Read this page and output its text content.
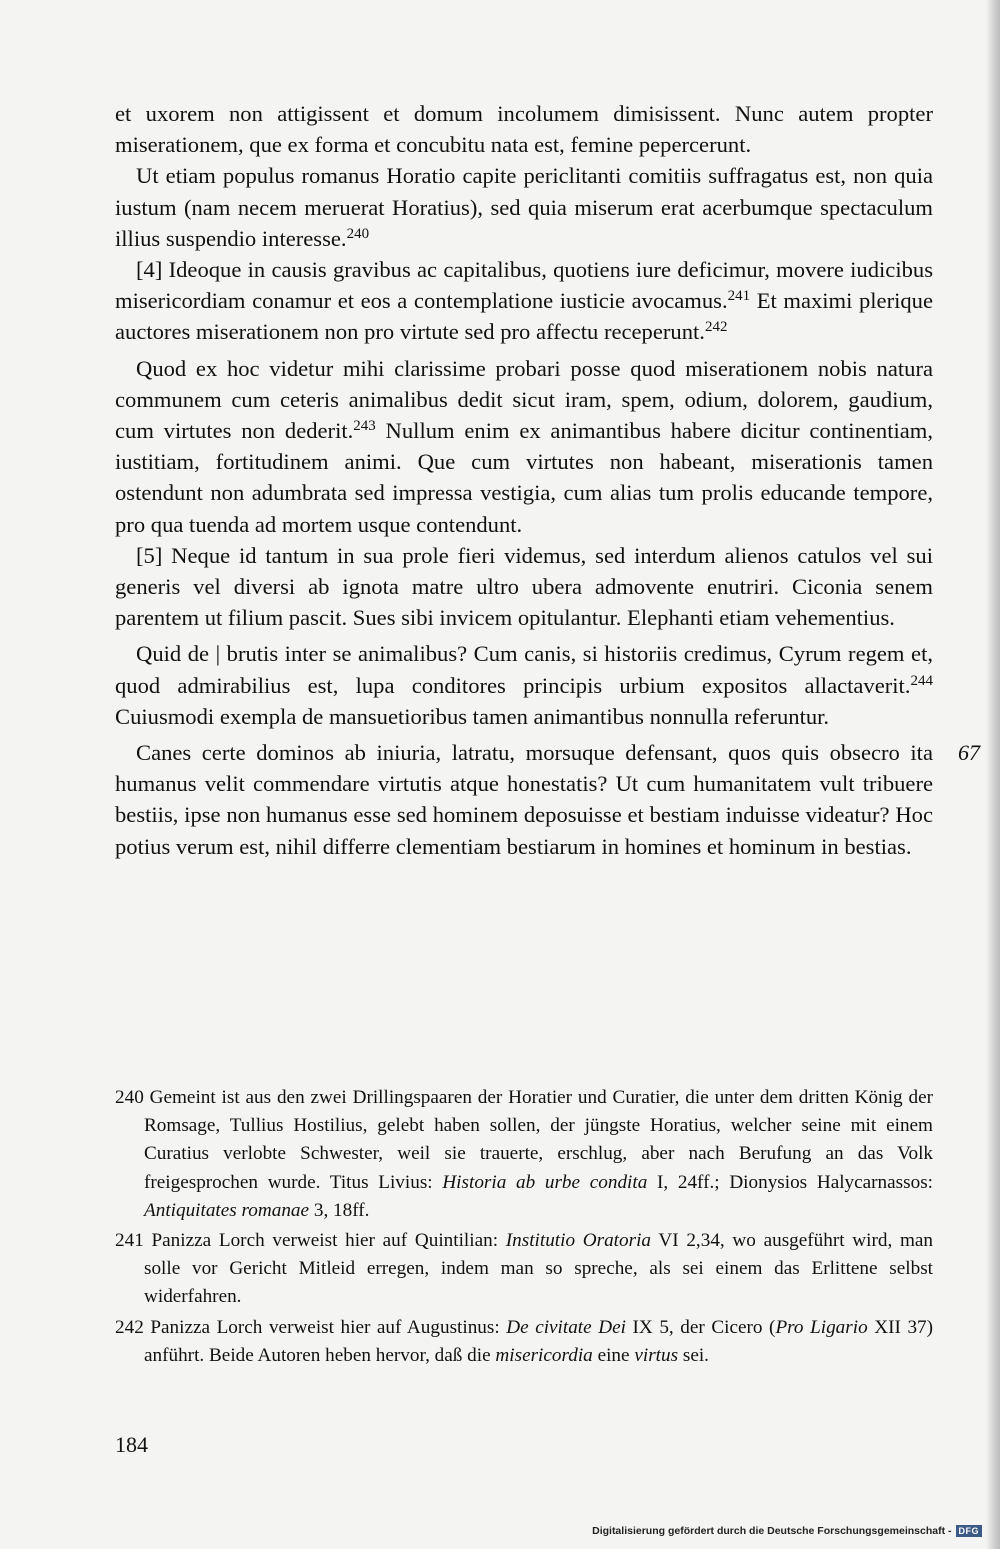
et uxorem non attigissent et domum incolumem dimisissent. Nunc autem propter miserationem, que ex forma et concubitu nata est, femine pepercerunt.

Ut etiam populus romanus Horatio capite periclitanti comitiis suffragatus est, non quia iustum (nam necem meruerat Horatius), sed quia miserum erat acerbumque spectaculum illius suspendio interesse.$^{240}$

[4] Ideoque in causis gravibus ac capitalibus, quotiens iure deficimur, movere iudicibus misericordiam conamur et eos a contemplatione iusticie avocamus.$^{241}$ Et maximi plerique auctores miserationem non pro virtute sed pro affectu receperunt.$^{242}$

Quod ex hoc videtur mihi clarissime probari posse quod miserationem nobis natura communem cum ceteris animalibus dedit sicut iram, spem, odium, dolorem, gaudium, cum virtutes non dederit.$^{243}$ Nullum enim ex animantibus habere dicitur continentiam, iustitiam, fortitudinem animi. Que cum virtutes non habeant, miserationis tamen ostendunt non adumbrata sed impressa vestigia, cum alias tum prolis educande tempore, pro qua tuenda ad mortem usque contendunt.

[5] Neque id tantum in sua prole fieri videmus, sed interdum alienos catulos vel sui generis vel diversi ab ignota matre ultro ubera admovente enutriri. Ciconia senem parentem ut filium pascit. Sues sibi invicem opitulantur. Elephanti etiam vehementius.

Quid de | brutis inter se animalibus? Cum canis, si historiis credimus, Cyrum regem et, quod admirabilius est, lupa conditores principis urbium expositos allactaverit.$^{244}$ Cuiusmodi exempla de mansuetioribus tamen animantibus nonnulla referuntur.

Canes certe dominos ab iniuria, latratu, morsuque defensant, quos quis obsecro ita humanus velit commendare virtutis atque honestatis? Ut cum humanitatem vult tribuere bestiis, ipse non humanus esse sed hominem deposuisse et bestiam induisse videatur? Hoc potius verum est, nihil differre clementiam bestiarum in homines et hominum in bestias.

67

240 Gemeint ist aus den zwei Drillingspaaren der Horatier und Curatier, die unter dem dritten König der Romsage, Tullius Hostilius, gelebt haben sollen, der jüngste Horatius, welcher seine mit einem Curatius verlobte Schwester, weil sie trauerte, erschlug, aber nach Berufung an das Volk freigesprochen wurde. Titus Livius: Historia ab urbe condita I, 24ff.; Dionysios Halycarnassos: Antiquitates romanae 3, 18ff.

241 Panizza Lorch verweist hier auf Quintilian: Institutio Oratoria VI 2,34, wo ausgeführt wird, man solle vor Gericht Mitleid erregen, indem man so spreche, als sei einem das Erlittene selbst widerfahren.

242 Panizza Lorch verweist hier auf Augustinus: De civitate Dei IX 5, der Cicero (Pro Ligario XII 37) anführt. Beide Autoren heben hervor, daß die misericordia eine virtus sei.

184
Digitalisierung gefördert durch die Deutsche Forschungsgemeinschaft - DFG
